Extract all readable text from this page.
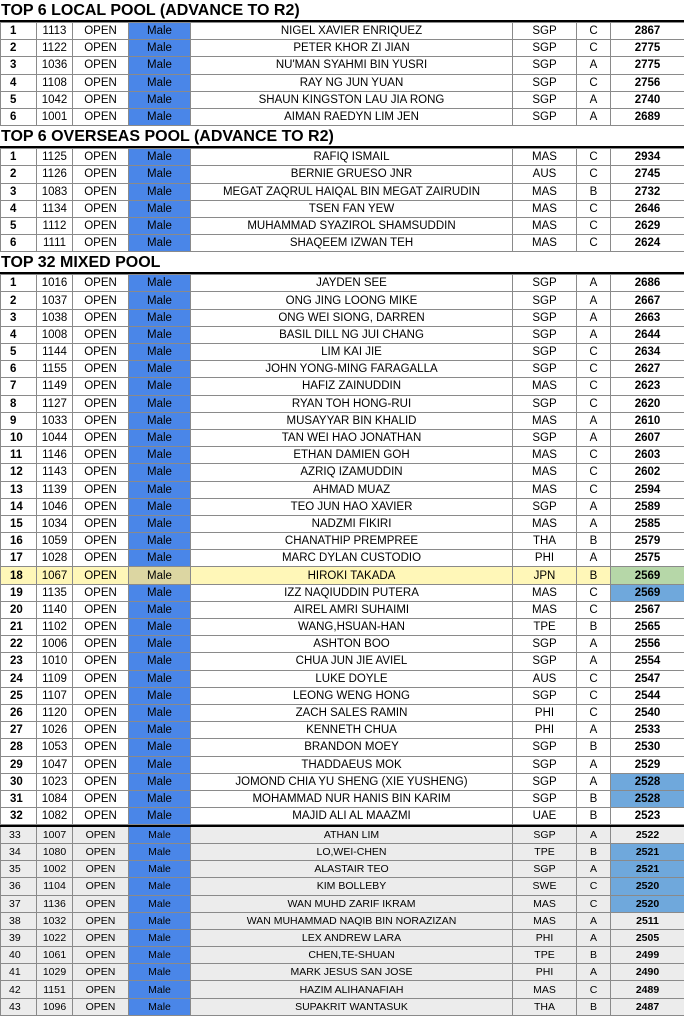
TOP 6 LOCAL POOL (ADVANCE TO R2)
1	1113	OPEN	Male	NIGEL XAVIER ENRIQUEZ	SGP	C	2867
2	1122	OPEN	Male	PETER KHOR ZI JIAN	SGP	C	2775
3	1036	OPEN	Male	NU'MAN SYAHMI BIN YUSRI	SGP	A	2775
4	1108	OPEN	Male	RAY NG JUN YUAN	SGP	C	2756
5	1042	OPEN	Male	SHAUN KINGSTON LAU JIA RONG	SGP	A	2740
6	1001	OPEN	Male	AIMAN RAEDYN LIM JEN	SGP	A	2689
TOP 6 OVERSEAS POOL (ADVANCE TO R2)
1	1125	OPEN	Male	RAFIQ ISMAIL	MAS	C	2934
2	1126	OPEN	Male	BERNIE GRUESO JNR	AUS	C	2745
3	1083	OPEN	Male	MEGAT ZAQRUL HAIQAL BIN MEGAT ZAIRUDIN	MAS	B	2732
4	1134	OPEN	Male	TSEN FAN YEW	MAS	C	2646
5	1112	OPEN	Male	MUHAMMAD SYAZIROL SHAMSUDDIN	MAS	C	2629
6	1111	OPEN	Male	SHAQEEM IZWAN TEH	MAS	C	2624
TOP 32 MIXED POOL
1	1016	OPEN	Male	JAYDEN SEE	SGP	A	2686
2	1037	OPEN	Male	ONG JING LOONG MIKE	SGP	A	2667
3	1038	OPEN	Male	ONG WEI SIONG, DARREN	SGP	A	2663
4	1008	OPEN	Male	BASIL DILL NG JUI CHANG	SGP	A	2644
5	1144	OPEN	Male	LIM KAI JIE	SGP	C	2634
6	1155	OPEN	Male	JOHN YONG-MING FARAGALLA	SGP	C	2627
7	1149	OPEN	Male	HAFIZ ZAINUDDIN	MAS	C	2623
8	1127	OPEN	Male	RYAN TOH HONG-RUI	SGP	C	2620
9	1033	OPEN	Male	MUSAYYAR BIN KHALID	MAS	A	2610
10	1044	OPEN	Male	TAN WEI HAO JONATHAN	SGP	A	2607
11	1146	OPEN	Male	ETHAN DAMIEN GOH	MAS	C	2603
12	1143	OPEN	Male	AZRIQ IZAMUDDIN	MAS	C	2602
13	1139	OPEN	Male	AHMAD MUAZ	MAS	C	2594
14	1046	OPEN	Male	TEO JUN HAO XAVIER	SGP	A	2589
15	1034	OPEN	Male	NADZMI FIKIRI	MAS	A	2585
16	1059	OPEN	Male	CHANATHIP PREMPREE	THA	B	2579
17	1028	OPEN	Male	MARC DYLAN CUSTODIO	PHI	A	2575
18	1067	OPEN	Male	HIROKI TAKADA	JPN	B	2569
19	1135	OPEN	Male	IZZ NAQIUDDIN PUTERA	MAS	C	2569
20	1140	OPEN	Male	AIREL AMRI SUHAIMI	MAS	C	2567
21	1102	OPEN	Male	WANG,HSUAN-HAN	TPE	B	2565
22	1006	OPEN	Male	ASHTON BOO	SGP	A	2556
23	1010	OPEN	Male	CHUA JUN JIE AVIEL	SGP	A	2554
24	1109	OPEN	Male	LUKE DOYLE	AUS	C	2547
25	1107	OPEN	Male	LEONG WENG HONG	SGP	C	2544
26	1120	OPEN	Male	ZACH SALES RAMIN	PHI	C	2540
27	1026	OPEN	Male	KENNETH CHUA	PHI	A	2533
28	1053	OPEN	Male	BRANDON MOEY	SGP	B	2530
29	1047	OPEN	Male	THADDAEUS MOK	SGP	A	2529
30	1023	OPEN	Male	JOMOND CHIA YU SHENG (XIE YUSHENG)	SGP	A	2528
31	1084	OPEN	Male	MOHAMMAD NUR HANIS BIN KARIM	SGP	B	2528
32	1082	OPEN	Male	MAJID ALI AL MAAZMI	UAE	B	2523
33	1007	OPEN	Male	ATHAN LIM	SGP	A	2522
34	1080	OPEN	Male	LO,WEI-CHEN	TPE	B	2521
35	1002	OPEN	Male	ALASTAIR TEO	SGP	A	2521
36	1104	OPEN	Male	KIM BOLLEBY	SWE	C	2520
37	1136	OPEN	Male	WAN MUHD ZARIF IKRAM	MAS	C	2520
38	1032	OPEN	Male	WAN MUHAMMAD NAQIB BIN NORAZIZAN	MAS	A	2511
39	1022	OPEN	Male	LEX ANDREW LARA	PHI	A	2505
40	1061	OPEN	Male	CHEN,TE-SHUAN	TPE	B	2499
41	1029	OPEN	Male	MARK JESUS SAN JOSE	PHI	A	2490
42	1151	OPEN	Male	HAZIM ALIHANAFIAH	MAS	C	2489
43	1096	OPEN	Male	SUPAKRIT WANTASUK	THA	B	2487
